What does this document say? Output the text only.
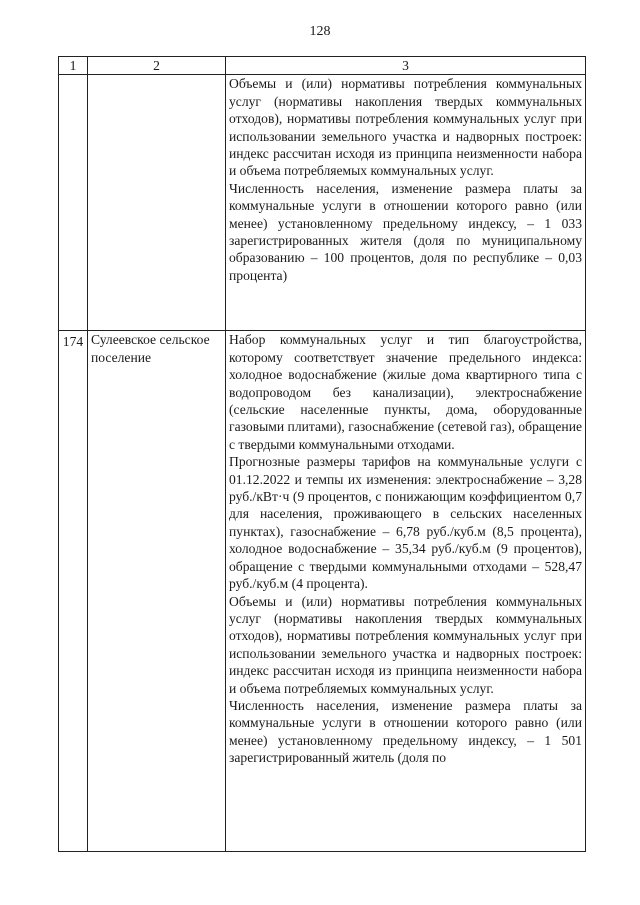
128
1	2	3

		Объемы и (или) нормативы потребления коммунальных услуг (нормативы накопления твердых коммунальных отходов), нормативы потребления коммунальных услуг при использовании земельного участка и надворных построек: индекс рассчитан исходя из принципа неизменности набора и объема потребляемых коммунальных услуг.

Численность населения, изменение размера платы за коммунальные услуги в отношении которого равно (или менее) установленному предельному индексу, – 1 033 зарегистрированных жителя (доля по муниципальному образованию – 100 процентов, доля по республике – 0,03 процента)

174	Сулеевское сельское поселение	Набор коммунальных услуг и тип благоустройства, которому соответствует значение предельного индекса: холодное водоснабжение (жилые дома квартирного типа с водопроводом без канализации), электроснабжение (сельские населенные пункты, дома, оборудованные газовыми плитами), газоснабжение (сетевой газ), обращение с твердыми коммунальными отходами.

Прогнозные размеры тарифов на коммунальные услуги с 01.12.2022 и темпы их изменения: электроснабжение – 3,28 руб./кВт·ч (9 процентов, с понижающим коэффициентом 0,7 для населения, проживающего в сельских населенных пунктах), газоснабжение – 6,78 руб./куб.м (8,5 процента), холодное водоснабжение – 35,34 руб./куб.м (9 процентов), обращение с твердыми коммунальными отходами – 528,47 руб./куб.м (4 процента).

Объемы и (или) нормативы потребления коммунальных услуг (нормативы накопления твердых коммунальных отходов), нормативы потребления коммунальных услуг при использовании земельного участка и надворных построек: индекс рассчитан исходя из принципа неизменности набора и объема потребляемых коммунальных услуг.

Численность населения, изменение размера платы за коммунальные услуги в отношении которого равно (или менее) установленному предельному индексу, – 1 501 зарегистрированный житель (доля по
